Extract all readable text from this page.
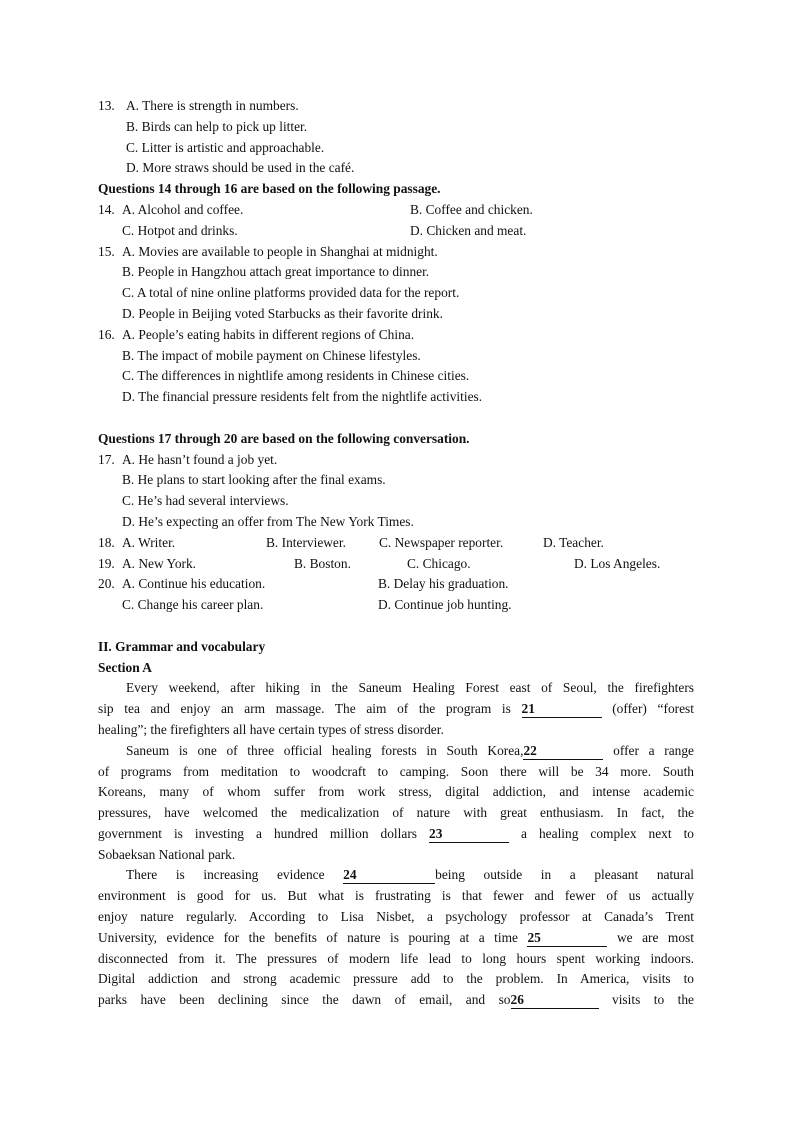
13. A. There is strength in numbers.
B. Birds can help to pick up litter.
C. Litter is artistic and approachable.
D. More straws should be used in the café.
Questions 14 through 16 are based on the following passage.
14. A. Alcohol and coffee.	B. Coffee and chicken.
C. Hotpot and drinks.	D. Chicken and meat.
15. A. Movies are available to people in Shanghai at midnight.
B. People in Hangzhou attach great importance to dinner.
C. A total of nine online platforms provided data for the report.
D. People in Beijing voted Starbucks as their favorite drink.
16. A. People’s eating habits in different regions of China.
B. The impact of mobile payment on Chinese lifestyles.
C. The differences in nightlife among residents in Chinese cities.
D. The financial pressure residents felt from the nightlife activities.
Questions 17 through 20 are based on the following conversation.
17. A. He hasn’t found a job yet.
B. He plans to start looking after the final exams.
C. He’s had several interviews.
D. He’s expecting an offer from The New York Times.
18. A. Writer.	B. Interviewer. C. Newspaper reporter.	D. Teacher.
19. A. New York.	B. Boston.	C. Chicago.	D. Los Angeles.
20. A. Continue his education.	B. Delay his graduation.
C. Change his career plan.	D. Continue job hunting.
II. Grammar and vocabulary
Section A
Every weekend, after hiking in the Saneum Healing Forest east of Seoul, the firefighters
sip tea and enjoy an arm massage. The aim of the program is 21	(offer) “forest
healing”; the firefighters all have certain types of stress disorder.
Saneum is one of three official healing forests in South Korea,22	offer a range
of programs from meditation to woodcraft to camping. Soon there will be 34 more. South
Koreans, many of whom suffer from work stress, digital addiction, and intense academic
pressures, have welcomed the medicalization of nature with great enthusiasm. In fact, the
government is investing a hundred million dollars 23	a healing complex next to
Sobaeksan National park.
There is increasing evidence 24	being outside in a pleasant natural
environment is good for us. But what is frustrating is that fewer and fewer of us actually
enjoy nature regularly. According to Lisa Nisbet, a psychology professor at Canada’s Trent
University, evidence for the benefits of nature is pouring at a time 25	we are most
disconnected from it. The pressures of modern life lead to long hours spent working indoors.
Digital addiction and strong academic pressure add to the problem. In America, visits to
parks have been declining since the dawn of email, and so26	visits to the
